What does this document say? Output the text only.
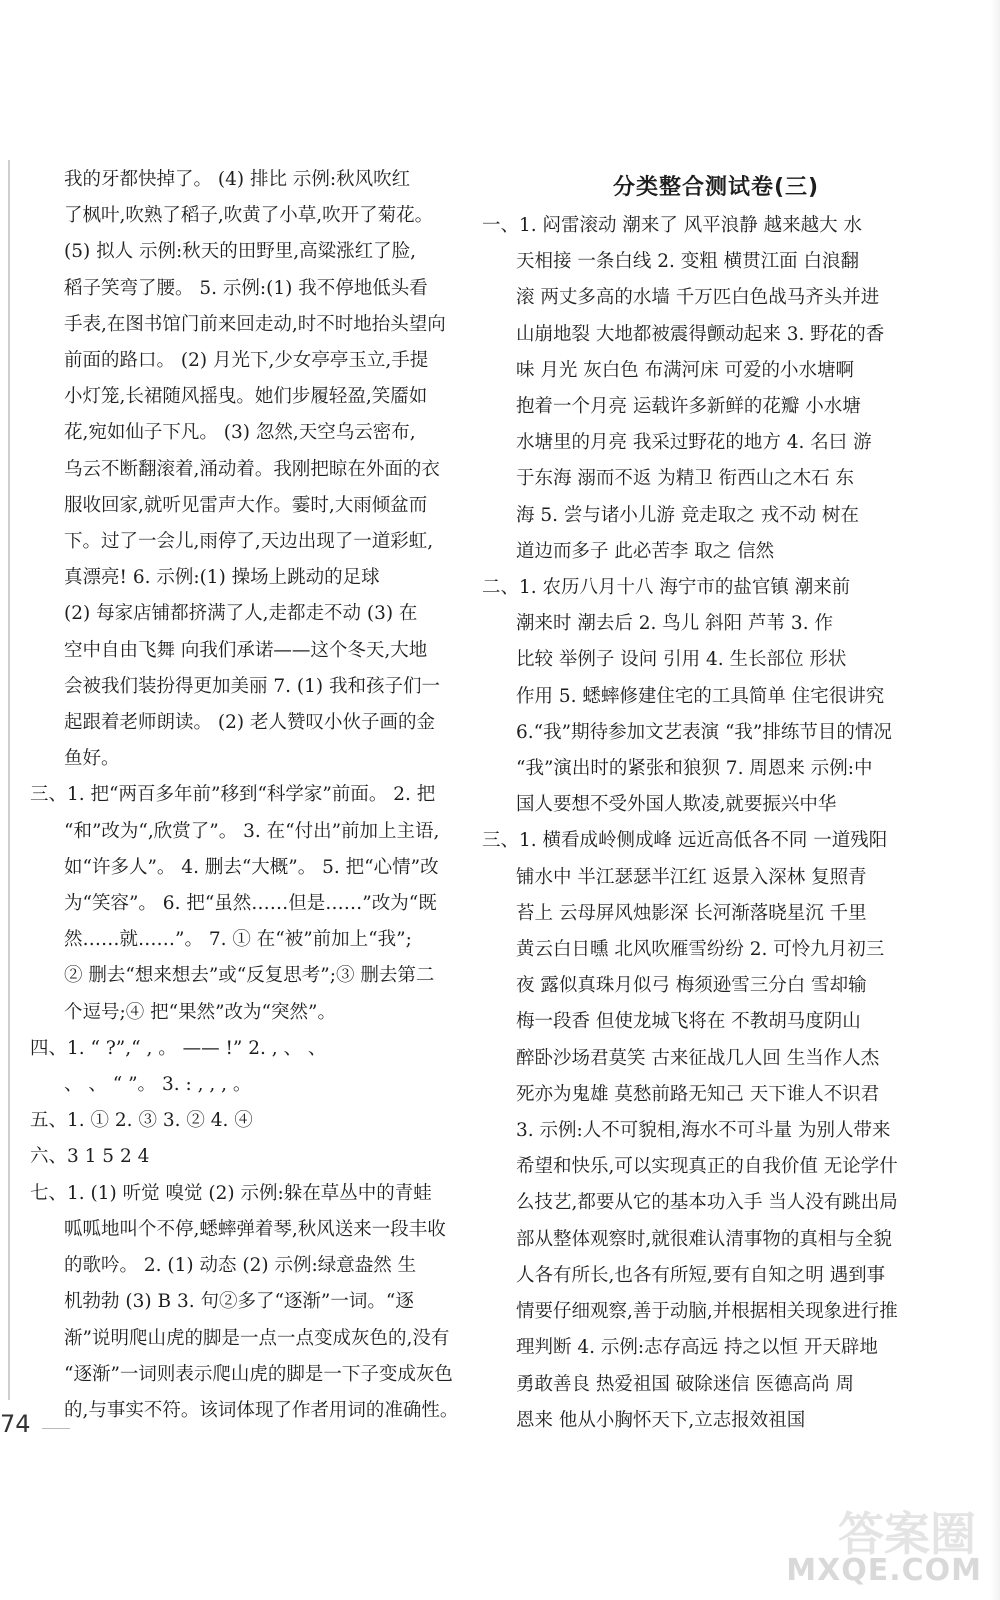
我的牙都快掉了。 (4) 排比 示例:秋风吹红
了枫叶,吹熟了稻子,吹黄了小草,吹开了菊花。
(5) 拟人 示例:秋天的田野里,高粱涨红了脸,
稻子笑弯了腰。 5. 示例:(1) 我不停地低头看
手表,在图书馆门前来回走动,时不时地抬头望向
前面的路口。 (2) 月光下,少女亭亭玉立,手提
小灯笼,长裙随风摇曳。她们步履轻盈,笑靥如
花,宛如仙子下凡。 (3) 忽然,天空乌云密布,
乌云不断翻滚着,涌动着。我刚把晾在外面的衣
服收回家,就听见雷声大作。霎时,大雨倾盆而
下。过了一会儿,雨停了,天边出现了一道彩虹,
真漂亮! 6. 示例:(1) 操场上跳动的足球
(2) 每家店铺都挤满了人,走都走不动 (3) 在
空中自由飞舞 向我们承诺——这个冬天,大地
会被我们装扮得更加美丽 7. (1) 我和孩子们一
起跟着老师朗读。 (2) 老人赞叹小伙子画的金
鱼好。
三、1. 把“两百多年前”移到“科学家”前面。 2. 把
“和”改为“,欣赏了”。 3. 在“付出”前加上主语,
如“许多人”。 4. 删去“大概”。 5. 把“心情”改
为“笑容”。 6. 把“虽然……但是……”改为“既
然……就……”。 7. ① 在“被”前加上“我”;
② 删去“想来想去”或“反复思考”;③ 删去第二
个逗号;④ 把“果然”改为“突然”。
四、1. “ ?”,“ , 。 —— !” 2. , 、 、
、 、 “ ”。 3. : , , , 。
五、1. ① 2. ③ 3. ② 4. ④
六、3 1 5 2 4
七、1. (1) 听觉 嗅觉 (2) 示例:躲在草丛中的青蛙
呱呱地叫个不停,蟋蟀弹着琴,秋风送来一段丰收
的歌吟。 2. (1) 动态 (2) 示例:绿意盎然 生
机勃勃 (3) B 3. 句②多了“逐渐”一词。“逐
渐”说明爬山虎的脚是一点一点变成灰色的,没有
“逐渐”一词则表示爬山虎的脚是一下子变成灰色
的,与事实不符。该词体现了作者用词的准确性。
分类整合测试卷(三)
一、1. 闷雷滚动 潮来了 风平浪静 越来越大 水
天相接 一条白线 2. 变粗 横贯江面 白浪翻
滚 两丈多高的水墙 千万匹白色战马齐头并进
山崩地裂 大地都被震得颤动起来 3. 野花的香
味 月光 灰白色 布满河床 可爱的小水塘啊
抱着一个月亮 运载许多新鲜的花瓣 小水塘
水塘里的月亮 我采过野花的地方 4. 名曰 游
于东海 溺而不返 为精卫 衔西山之木石 东
海 5. 尝与诸小儿游 竞走取之 戎不动 树在
道边而多子 此必苦李 取之 信然
二、1. 农历八月十八 海宁市的盐官镇 潮来前
潮来时 潮去后 2. 鸟儿 斜阳 芦苇 3. 作
比较 举例子 设问 引用 4. 生长部位 形状
作用 5. 蟋蟀修建住宅的工具简单 住宅很讲究
6.“我”期待参加文艺表演 “我”排练节目的情况
“我”演出时的紧张和狼狈 7. 周恩来 示例:中
国人要想不受外国人欺凌,就要振兴中华
三、1. 横看成岭侧成峰 远近高低各不同 一道残阳
铺水中 半江瑟瑟半江红 返景入深林 复照青
苔上 云母屏风烛影深 长河渐落晓星沉 千里
黄云白日曛 北风吹雁雪纷纷 2. 可怜九月初三
夜 露似真珠月似弓 梅须逊雪三分白 雪却输
梅一段香 但使龙城飞将在 不教胡马度阴山
醉卧沙场君莫笑 古来征战几人回 生当作人杰
死亦为鬼雄 莫愁前路无知己 天下谁人不识君
3. 示例:人不可貌相,海水不可斗量 为别人带来
希望和快乐,可以实现真正的自我价值 无论学什
么技艺,都要从它的基本功入手 当人没有跳出局
部从整体观察时,就很难认清事物的真相与全貌
人各有所长,也各有所短,要有自知之明 遇到事
情要仔细观察,善于动脑,并根据相关现象进行推
理判断 4. 示例:志存高远 持之以恒 开天辟地
勇敢善良 热爱祖国 破除迷信 医德高尚 周
恩来 他从小胸怀天下,立志报效祖国
74
答案圈
MXQE.COM
